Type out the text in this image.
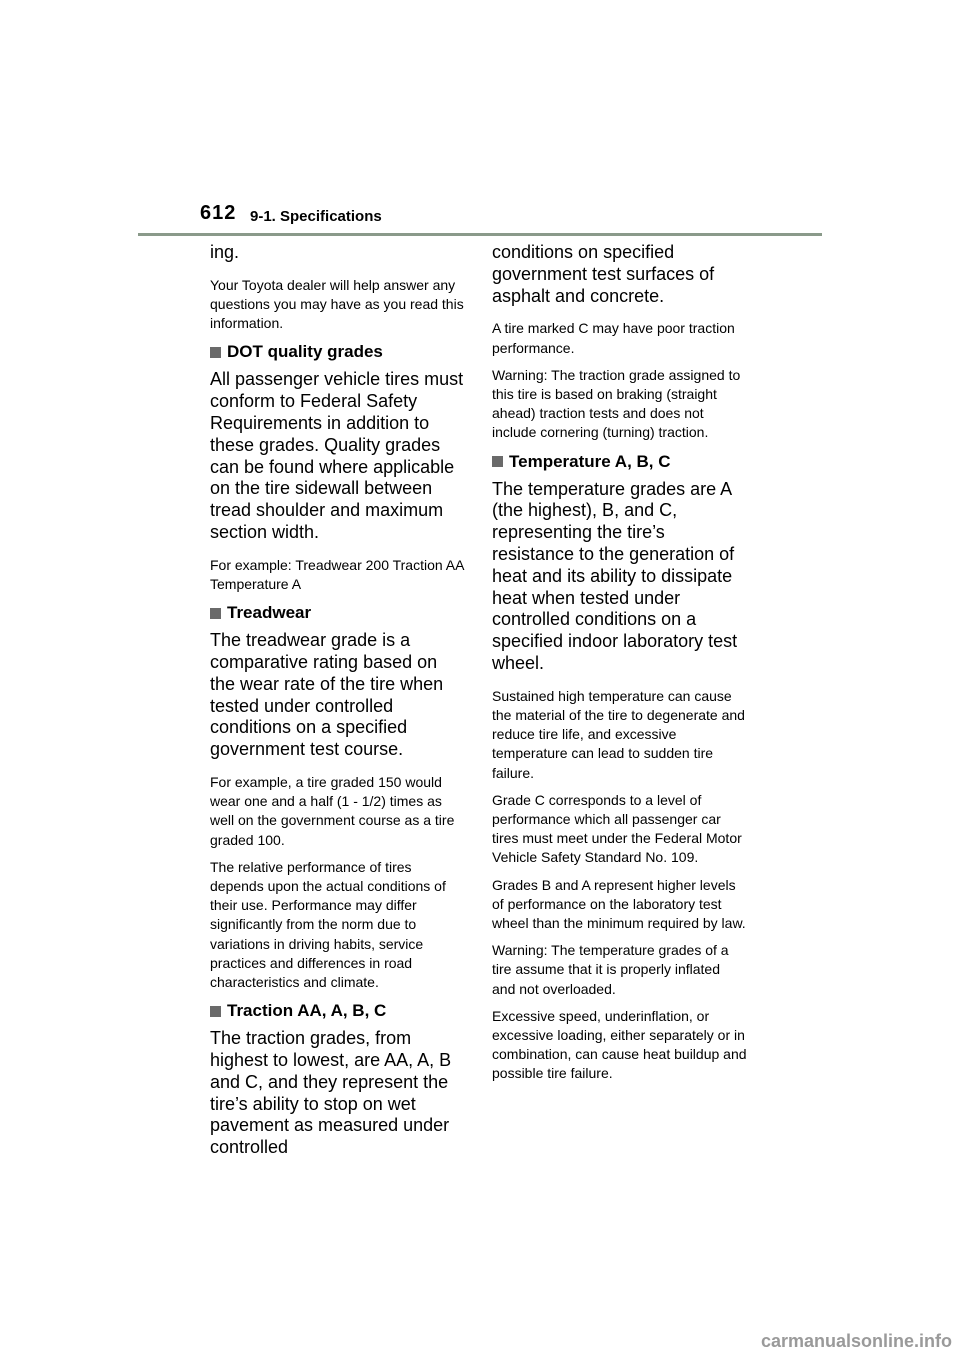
612 9-1. Specifications

ing.

Your Toyota dealer will help answer any questions you may have as you read this information.

DOT quality grades

All passenger vehicle tires must conform to Federal Safety Requirements in addition to these grades. Quality grades can be found where applicable on the tire sidewall between tread shoulder and maximum section width.

For example: Treadwear 200 Traction AA Temperature A

Treadwear

The treadwear grade is a comparative rating based on the wear rate of the tire when tested under controlled conditions on a specified government test course.

For example, a tire graded 150 would wear one and a half (1 - 1/2) times as well on the government course as a tire graded 100.

The relative performance of tires depends upon the actual conditions of their use. Performance may differ significantly from the norm due to variations in driving habits, service practices and differences in road characteristics and climate.

Traction AA, A, B, C

The traction grades, from highest to lowest, are AA, A, B and C, and they represent the tire’s ability to stop on wet pavement as measured under controlled

conditions on specified government test surfaces of asphalt and concrete.

A tire marked C may have poor traction performance.

Warning: The traction grade assigned to this tire is based on braking (straight ahead) traction tests and does not include cornering (turning) traction.

Temperature A, B, C

The temperature grades are A (the highest), B, and C, representing the tire’s resistance to the generation of heat and its ability to dissipate heat when tested under controlled conditions on a specified indoor laboratory test wheel.

Sustained high temperature can cause the material of the tire to degenerate and reduce tire life, and excessive temperature can lead to sudden tire failure.

Grade C corresponds to a level of performance which all passenger car tires must meet under the Federal Motor Vehicle Safety Standard No. 109.

Grades B and A represent higher levels of performance on the laboratory test wheel than the minimum required by law.

Warning: The temperature grades of a tire assume that it is properly inflated and not overloaded.

Excessive speed, underinflation, or excessive loading, either separately or in combination, can cause heat buildup and possible tire failure.

carmanualsonline.info
